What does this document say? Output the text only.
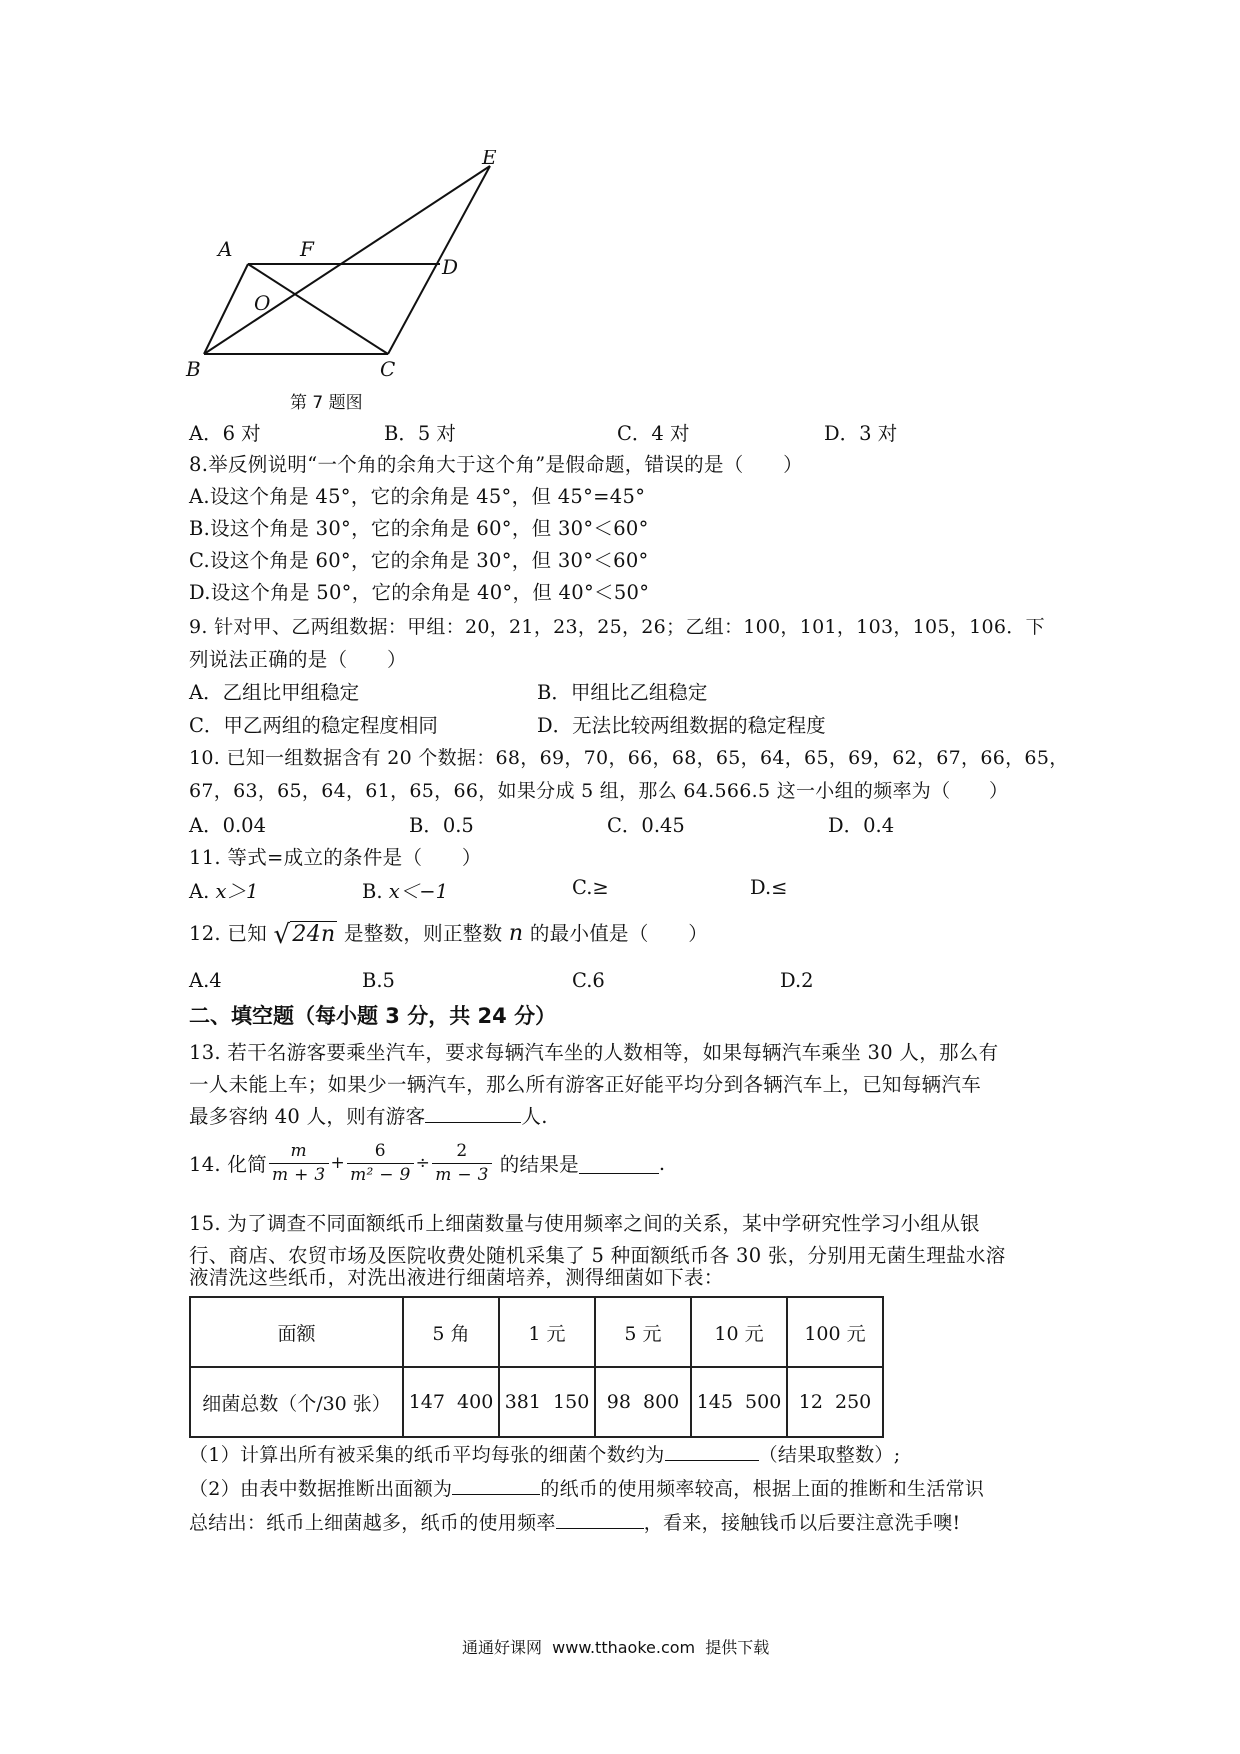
E
A	F
D
O
B	C
第 7 题图
A．6 对	B．5 对	C．4 对	D．3 对
8.举反例说明“一个角的余角大于这个角”是假命题，错误的是（　　）
A.设这个角是 45°，它的余角是 45°，但 45°=45°
B.设这个角是 30°，它的余角是 60°，但 30°＜60°
C.设这个角是 60°，它的余角是 30°，但 30°＜60°
D.设这个角是 50°，它的余角是 40°，但 40°＜50°
9. 针对甲、乙两组数据：甲组：20，21，23，25，26；乙组：100，101，103，105，106．下
列说法正确的是（　　）
A．乙组比甲组稳定	B．甲组比乙组稳定
C．甲乙两组的稳定程度相同	D．无法比较两组数据的稳定程度
10. 已知一组数据含有 20 个数据：68，69，70，66，68，65，64，65，69，62，67，66，65，
67，63，65，64，61，65，66，如果分成 5 组，那么 64.566.5 这一小组的频率为（　　）
A．0.04	B．0.5	C．0.45	D．0.4
11. 等式=成立的条件是（　　）
A. x＞1	B. x＜−1	C.≥	D.≤
12. 已知 √ 24n 是整数，则正整数 n 的最小值是（　　）
A.4	B.5	C.6	D.2
二、填空题（每小题 3 分，共 24 分）
13. 若干名游客要乘坐汽车，要求每辆汽车坐的人数相等，如果每辆汽车乘坐 30 人，那么有
一人未能上车；如果少一辆汽车，那么所有游客正好能平均分到各辆汽车上，已知每辆汽车
最多容纳 40 人，则有游客	人.
14. 化简 $\frac{m}{m + 3} + \frac{6}{\text{m² − 9}} \div \frac{2}{m - 3}$ 的结果是	.
15. 为了调查不同面额纸币上细菌数量与使用频率之间的关系，某中学研究性学习小组从银
行、商店、农贸市场及医院收费处随机采集了 5 种面额纸币各 30 张，分别用无菌生理盐水溶
液清洗这些纸币，对洗出液进行细菌培养，测得细菌如下表：
面额	5 角	1 元	5 元	10 元	100 元
细菌总数（个/30 张）	147  400	381  150	98  800	145  500	12  250
（1）计算出所有被采集的纸币平均每张的细菌个数约为	（结果取整数）;
（2）由表中数据推断出面额为	的纸币的使用频率较高，根据上面的推断和生活常识
总结出：纸币上细菌越多，纸币的使用频率	，看来，接触钱币以后要注意洗手噢!
通通好课网  www.tthaoke.com  提供下载
